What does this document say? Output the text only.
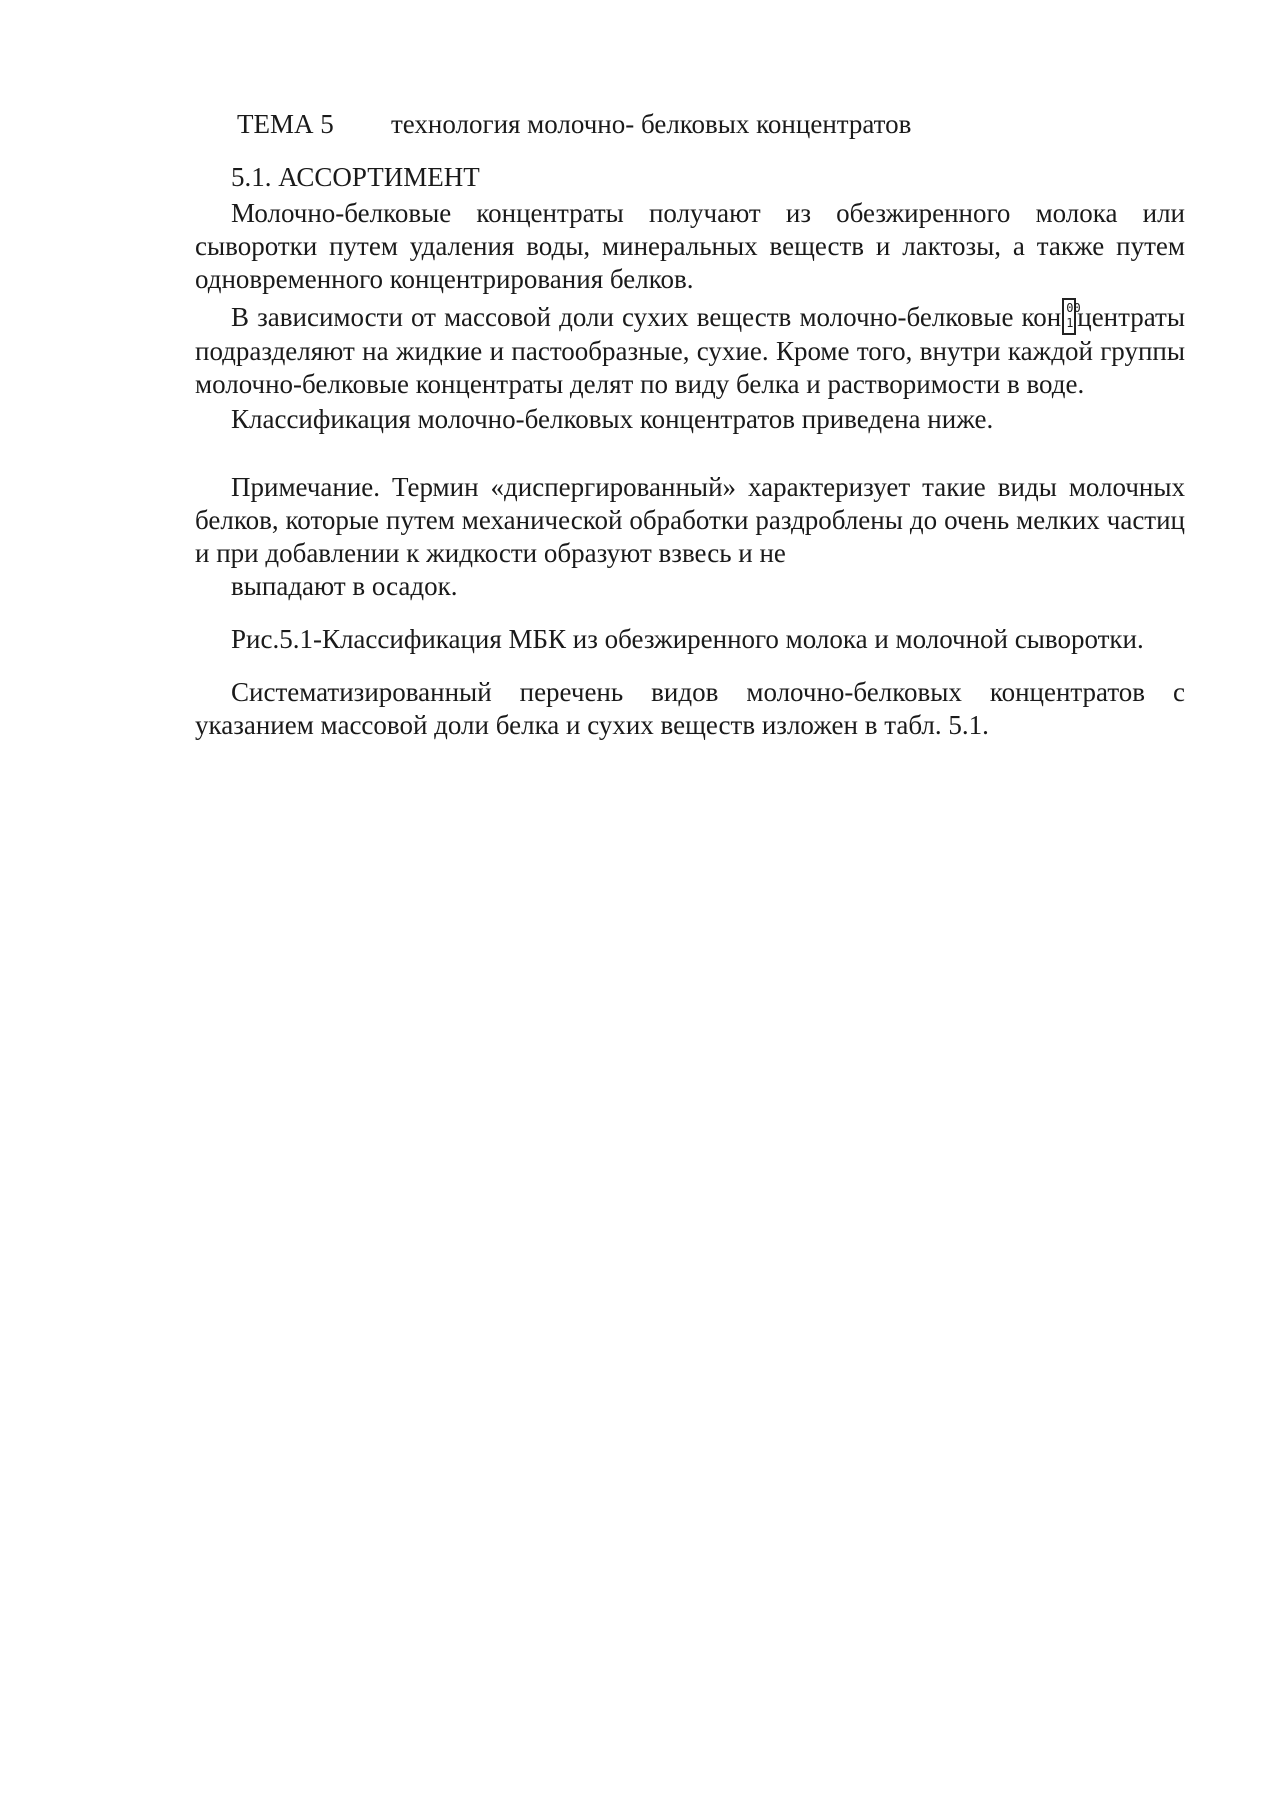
ТЕМА 5	технология молочно- белковых концентратов
5.1. АССОРТИМЕНТ

Молочно-белковые концентраты получают из обезжиренного молока или сыворотки путем удаления воды, минеральных веществ и лактозы, а также путем одновременного концентрирования белков.

В зависимости от массовой доли сухих веществ молочно-белковые кон 00
1 центраты подразделяют на жидкие и пастообразные, сухие. Кроме того, внутри каждой группы молочно-белковые концентраты делят по виду белка и растворимости в воде.

Классификация молочно-белковых концентратов приведена ниже.

Примечание. Термин «диспергированный» характеризует такие виды молочных белков, которые путем механической обработки раздроблены до очень мелких частиц и при добавлении к жидкости образуют взвесь и не

выпадают в осадок.

Рис.5.1-Классификация МБК из обезжиренного молока и молочной сыворотки.

Систематизированный перечень видов молочно-белковых концентратов с указанием массовой доли белка и сухих веществ изложен в табл. 5.1.
